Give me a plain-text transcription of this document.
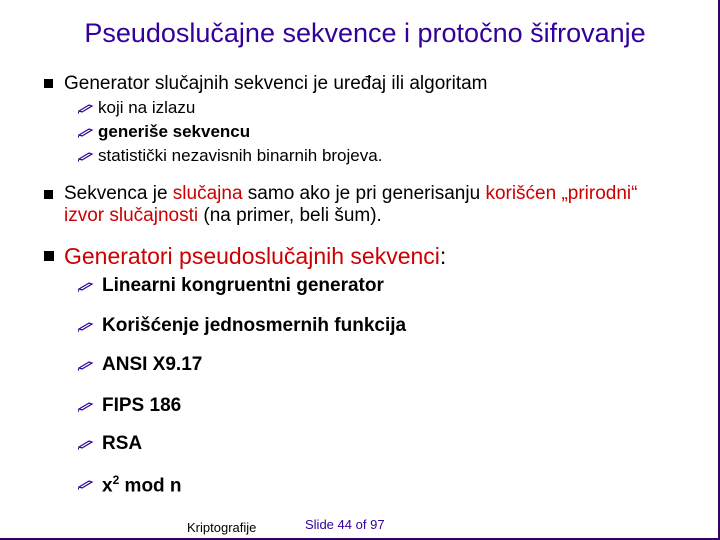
Pseudoslučajne sekvence i protočno šifrovanje
Generator slučajnih sekvenci je uređaj ili algoritam
koji na izlazu
generiše sekvencu
statistički nezavisnih binarnih brojeva.
Sekvenca je slučajna samo ako je pri generisanju korišćen „prirodni“
izvor slučajnosti (na primer, beli šum).
Generatori pseudoslučajnih sekvenci:
Linearni kongruentni generator
Korišćenje jednosmernih funkcija
ANSI X9.17
FIPS 186
RSA
$x^2$ mod n
Kriptografije	Slide 44 of 97
